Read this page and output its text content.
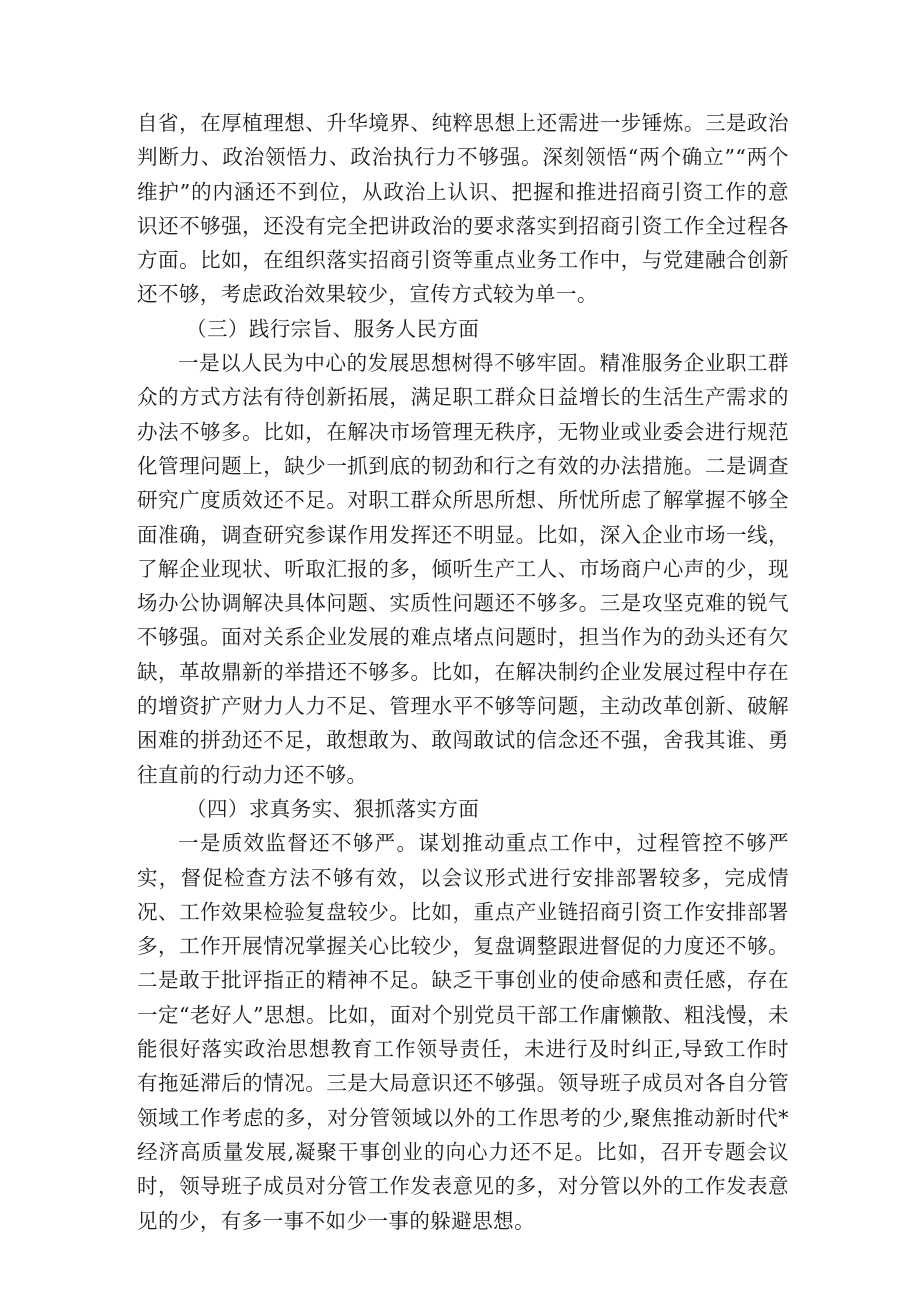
自省，在厚植理想、升华境界、纯粹思想上还需进一步锤炼。三是政治判断力、政治领悟力、政治执行力不够强。深刻领悟“两个确立”“两个维护”的内涵还不到位，从政治上认识、把握和推进招商引资工作的意识还不够强，还没有完全把讲政治的要求落实到招商引资工作全过程各方面。比如，在组织落实招商引资等重点业务工作中，与党建融合创新还不够，考虑政治效果较少，宣传方式较为单一。

（三）践行宗旨、服务人民方面

一是以人民为中心的发展思想树得不够牢固。精准服务企业职工群众的方式方法有待创新拓展，满足职工群众日益增长的生活生产需求的办法不够多。比如，在解决市场管理无秩序，无物业或业委会进行规范化管理问题上，缺少一抓到底的韧劲和行之有效的办法措施。二是调查研究广度质效还不足。对职工群众所思所想、所忧所虑了解掌握不够全面准确，调查研究参谋作用发挥还不明显。比如，深入企业市场一线，了解企业现状、听取汇报的多，倾听生产工人、市场商户心声的少，现场办公协调解决具体问题、实质性问题还不够多。三是攻坚克难的锐气不够强。面对关系企业发展的难点堵点问题时，担当作为的劲头还有欠缺，革故鼎新的举措还不够多。比如，在解决制约企业发展过程中存在的增资扩产财力人力不足、管理水平不够等问题，主动改革创新、破解困难的拼劲还不足，敢想敢为、敢闯敢试的信念还不强，舍我其谁、勇往直前的行动力还不够。

（四）求真务实、狠抓落实方面

一是质效监督还不够严。谋划推动重点工作中，过程管控不够严实，督促检查方法不够有效，以会议形式进行安排部署较多，完成情况、工作效果检验复盘较少。比如，重点产业链招商引资工作安排部署多，工作开展情况掌握关心比较少，复盘调整跟进督促的力度还不够。二是敢于批评指正的精神不足。缺乏干事创业的使命感和责任感，存在一定“老好人”思想。比如，面对个别党员干部工作庸懒散、粗浅慢，未能很好落实政治思想教育工作领导责任，未进行及时纠正,导致工作时有拖延滞后的情况。三是大局意识还不够强。领导班子成员对各自分管领域工作考虑的多，对分管领域以外的工作思考的少,聚焦推动新时代*经济高质量发展,凝聚干事创业的向心力还不足。比如，召开专题会议时，领导班子成员对分管工作发表意见的多，对分管以外的工作发表意见的少，有多一事不如少一事的躲避思想。
